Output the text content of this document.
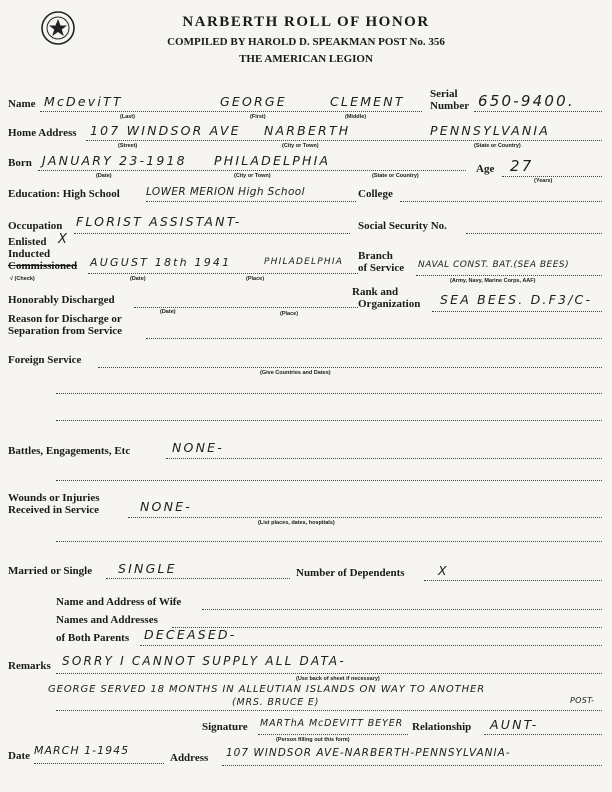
NARBERTH ROLL OF HONOR
COMPILED BY HAROLD D. SPEAKMAN POST No. 356
THE AMERICAN LEGION
Name McDeviTT	GEORGE	CLEMENT
(Last)	(First)	(Middle)
Serial
Number 650-9400.
Home Address 107 WINDSOR AVE NARBERTH	PENNSYLVANIA
(Street)	(City or Town)	(State or Country)
Born JANUARY 23-1918 PHILADELPHIA
(Date)	(City or Town)	(State or Country)
Age 27
(Years)
Education: High School LOWER MERION High School	College
Occupation FLORIST ASSISTANT-	Social Security No.
Enlisted X
Inducted
Commissioned AUGUST 18th 1941	PHILADELPHIA
√ (Check)	(Date)	(Place)
Branch
of Service NAVAL CONST. BAT.(SEA BEES)
(Army, Navy, Marine Corps, AAF)
Honorably Discharged
(Date)	(Place)
Rank and
Organization SEA BEES. D.F3/C-
Reason for Discharge or
Separation from Service
Foreign Service
(Give Countries and Dates)
Battles, Engagements, Etc	NONE-
Wounds or Injuries
Received in Service	NONE-
(List places, dates, hospitals)
Married or Single SINGLE	Number of Dependents	X
Name and Address of Wife
Names and Addresses
of Both Parents DECEASED-
Remarks SORRY I CANNOT SUPPLY ALL DATA-
(Use back of sheet if necessary)
GEORGE SERVED 18 MONTHS IN ALLEUTIAN ISLANDS ON WAY TO ANOTHER
POST-
(MRS. BRUCE E)
Signature MARThA McDEVITT BEYER
(Person filling out this form)
Relationship AUNT-
Date MARCH 1-1945
Address 107 WINDSOR AVE-NARBERTH-PENNSYLVANIA-
